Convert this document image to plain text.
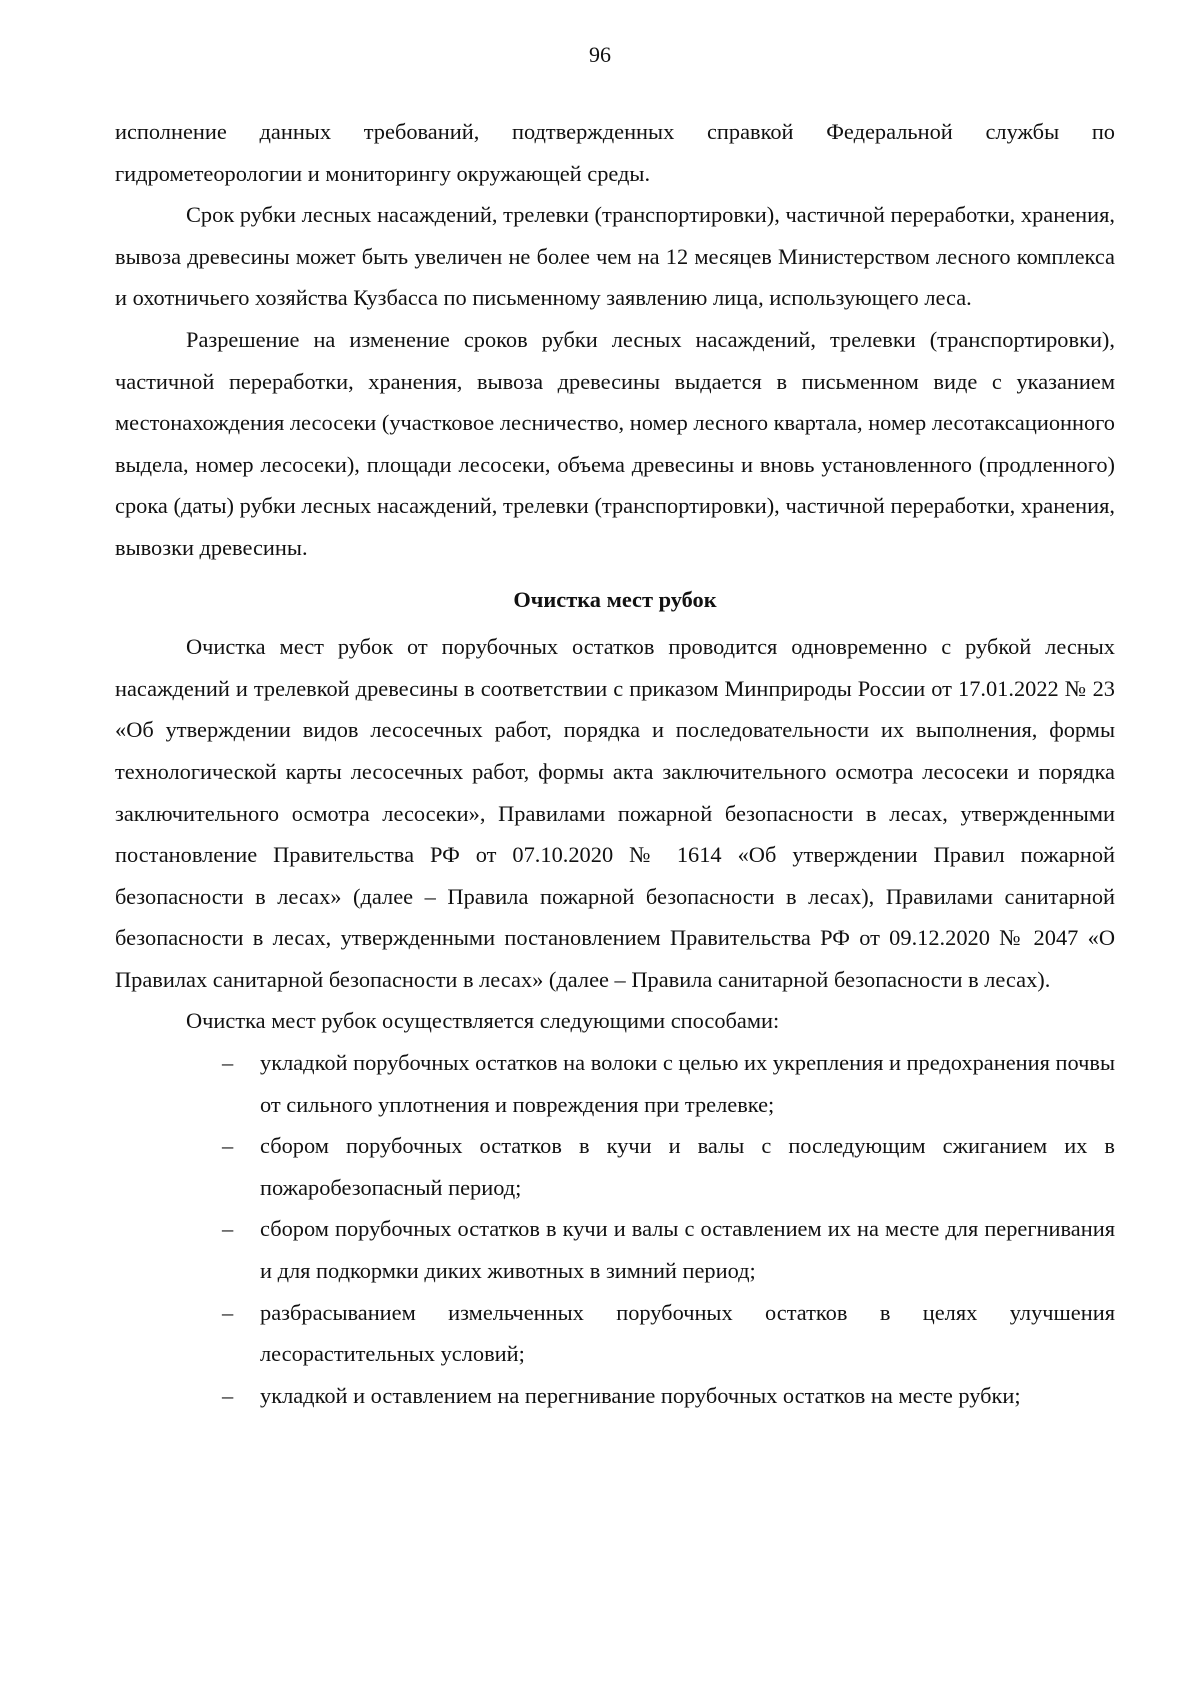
96

исполнение данных требований, подтвержденных справкой Федеральной службы по гидрометеорологии и мониторингу окружающей среды.

Срок рубки лесных насаждений, трелевки (транспортировки), частичной переработки, хранения, вывоза древесины может быть увеличен не более чем на 12 месяцев Министерством лесного комплекса и охотничьего хозяйства Кузбасса по письменному заявлению лица, использующего леса.

Разрешение на изменение сроков рубки лесных насаждений, трелевки (транспортировки), частичной переработки, хранения, вывоза древесины выдается в письменном виде с указанием местонахождения лесосеки (участковое лесничество, номер лесного квартала, номер лесотаксационного выдела, номер лесосеки), площади лесосеки, объема древесины и вновь установленного (продленного) срока (даты) рубки лесных насаждений, трелевки (транспортировки), частичной переработки, хранения, вывозки древесины.

Очистка мест рубок

Очистка мест рубок от порубочных остатков проводится одновременно с рубкой лесных насаждений и трелевкой древесины в соответствии с приказом Минприроды России от 17.01.2022 № 23 «Об утверждении видов лесосечных работ, порядка и последовательности их выполнения, формы технологической карты лесосечных работ, формы акта заключительного осмотра лесосеки и порядка заключительного осмотра лесосеки», Правилами пожарной безопасности в лесах, утвержденными постановление Правительства РФ от 07.10.2020 № 1614 «Об утверждении Правил пожарной безопасности в лесах» (далее – Правила пожарной безопасности в лесах), Правилами санитарной безопасности в лесах, утвержденными постановлением Правительства РФ от 09.12.2020 № 2047 «О Правилах санитарной безопасности в лесах» (далее – Правила санитарной безопасности в лесах).

Очистка мест рубок осуществляется следующими способами:

– укладкой порубочных остатков на волоки с целью их укрепления и предохранения почвы от сильного уплотнения и повреждения при трелевке;
– сбором порубочных остатков в кучи и валы с последующим сжиганием их в пожаробезопасный период;
– сбором порубочных остатков в кучи и валы с оставлением их на месте для перегнивания и для подкормки диких животных в зимний период;
– разбрасыванием измельченных порубочных остатков в целях улучшения лесорастительных условий;
– укладкой и оставлением на перегнивание порубочных остатков на месте рубки;
